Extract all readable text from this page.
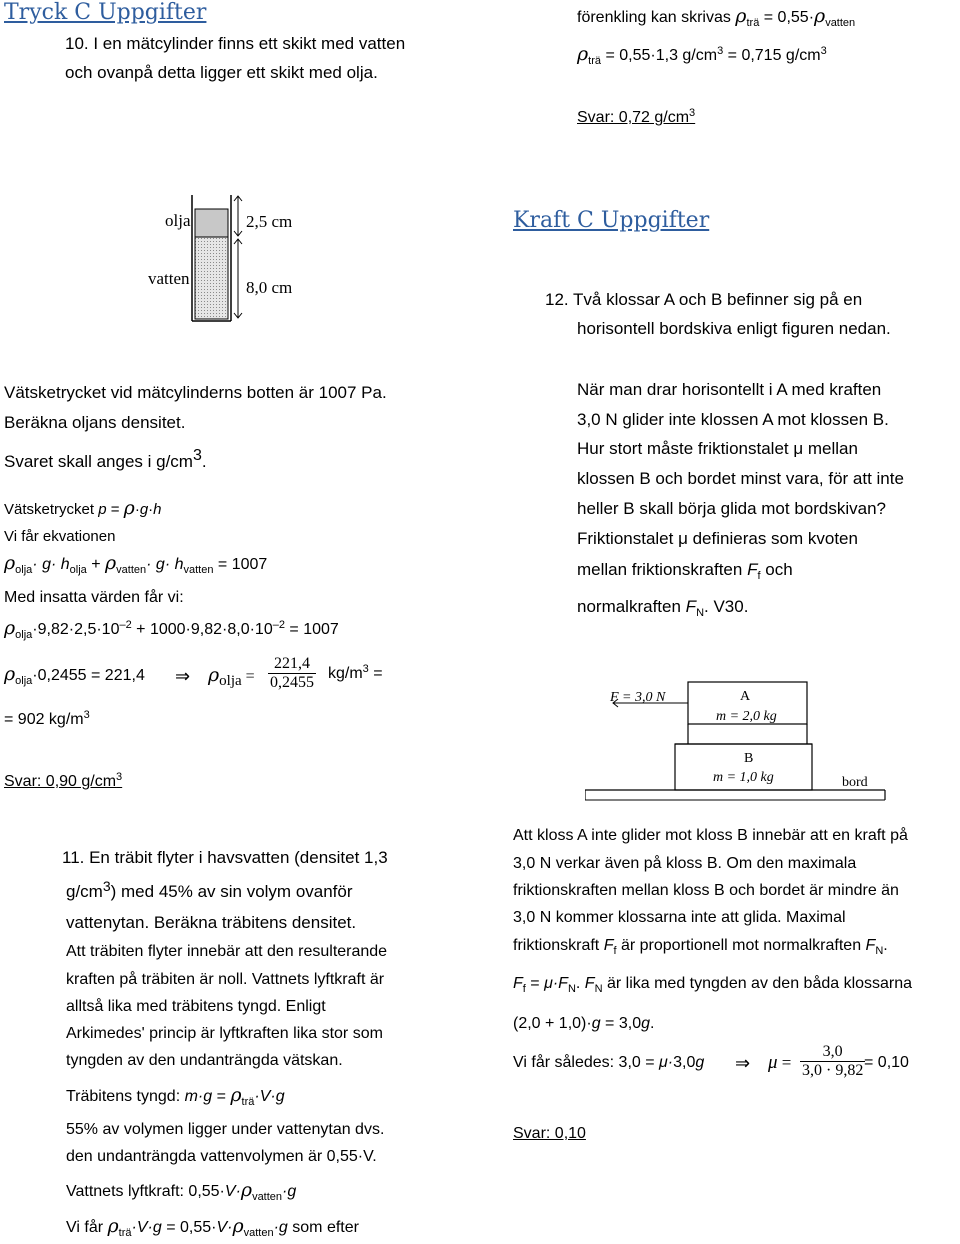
Tryck C Uppgifter
10. I en mätcylinder finns ett skikt med vatten
och ovanpå detta ligger ett skikt med olja.
olja
vatten
2,5 cm
8,0 cm
Vätsketrycket vid mätcylinderns botten är 1007 Pa.
Beräkna oljans densitet.
Svaret skall anges i $g/cm^3$.
Vätsketrycket p = ρ·g·h
Vi får ekvationen
$\rho_{olja}\cdot g\cdot h_{olja} + \rho_{vatten}\cdot g\cdot h_{vatten} = 1007$
Med insatta värden får vi:
$\rho_{olja}\cdot 9,82\cdot 2,5\cdot 10^{-2} + 1000\cdot 9,82\cdot 8,0\cdot 10^{-2} = 1007$
$\rho_{olja}\cdot 0,2455 = 221,4$ ⇒ $\rho_{olja} = \frac{221,4}{0,2455} kg/m^3$ =
= 902 $kg/m^3$
Svar: 0,90 $g/cm^3$
11. En träbit flyter i havsvatten (densitet 1,3
$g/cm^3$) med 45% av sin volym ovanför
vattenytan. Beräkna träbitens densitet.
Att träbiten flyter innebär att den resulterande
kraften på träbiten är noll. Vattnets lyftkraft är
alltså lika med träbitens tyngd. Enligt
Arkimedes' princip är lyftkraften lika stor som
tyngden av den undanträngda vätskan.
Träbitens tyngd: $m\cdot g = \rho_{trä}\cdot V\cdot g$
55% av volymen ligger under vattenytan dvs.
den undanträngda vattenvolymen är 0,55·V.
Vattnets lyftkraft: $0,55\cdot V\cdot\rho_{vatten}\cdot g$
Vi får $\rho_{trä}\cdot V\cdot g = 0,55\cdot V\cdot\rho_{vatten}\cdot g$ som efter
förenkling kan skrivas $\rho_{trä} = 0,55\cdot\rho_{vatten}$
$\rho_{trä} = 0,55\cdot 1,3$ $g/cm^3 = 0,715$ $g/cm^3$
Svar: 0,72 $g/cm^3$
Kraft C Uppgifter
12. Två klossar A och B befinner sig på en
horisontell bordskiva enligt figuren nedan.
När man drar horisontellt i A med kraften
3,0 N glider inte klossen A mot klossen B.
Hur stort måste friktionstalet μ mellan
klossen B och bordet minst vara, för att inte
heller B skall börja glida mot bordskivan?
Friktionstalet μ definieras som kvoten
mellan friktionskraften $F_f$ och
normalkraften $F_N$. V30.
F = 3,0 N	A
m = 2,0 kg
B
m = 1,0 kg	bord
Att kloss A inte glider mot kloss B innebär att en kraft på
3,0 N verkar även på kloss B. Om den maximala
friktionskraften mellan kloss B och bordet är mindre än
3,0 N kommer klossarna inte att glida. Maximal
friktionskraft $F_f$ är proportionell mot normalkraften $F_N$.
$F_f = \mu\cdot F_N$. $F_N$ är lika med tyngden av den båda klossarna
(2,0 + 1,0)·g = 3,0g.
Vi får således: 3,0 = μ·3,0g ⇒ $\mu = \frac{3,0}{3,0 \cdot 9,82}$
= 0,10
Svar: 0,10
